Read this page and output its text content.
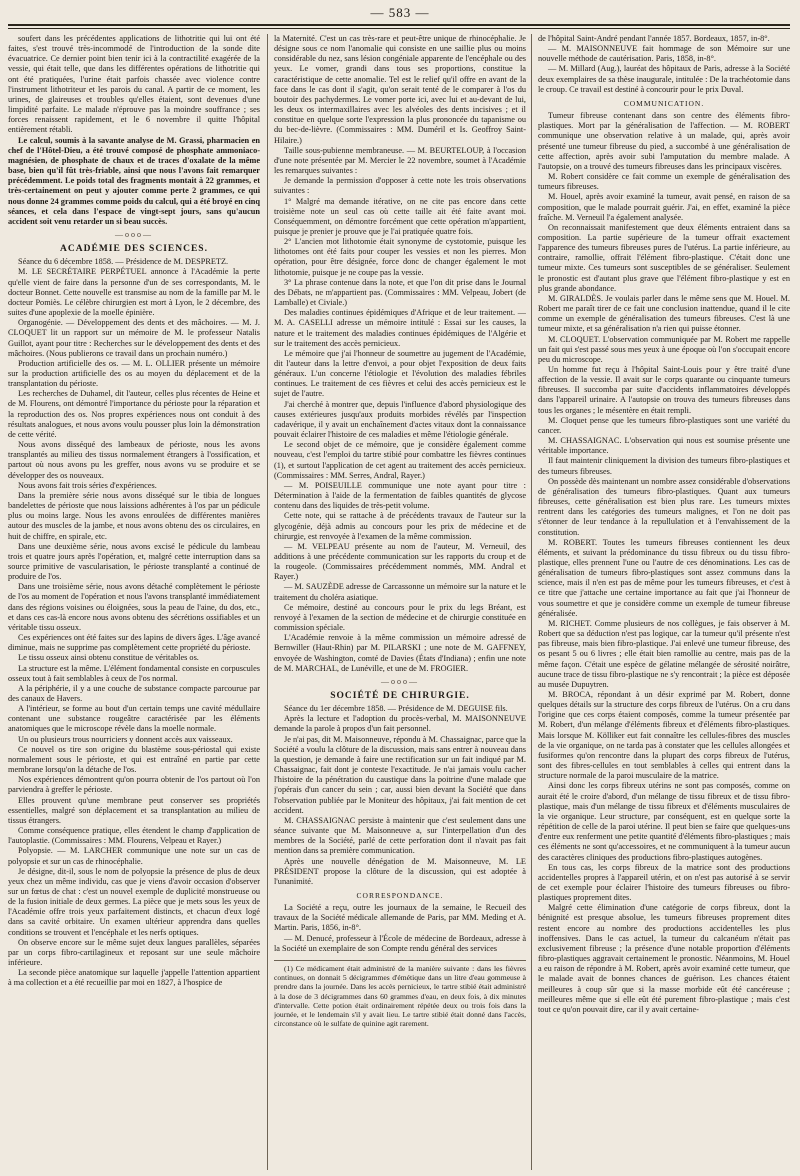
— 583 —

soufert dans les précédentes applications de lithotritie qui lui ont été faites, s'est trouvé très-incommodé de l'introduction de la sonde dite évacuatrice. Ce dernier point bien tenir ici à la contractilité exagérée de la vessie, qui était telle, que dans les différentes opérations de lithotritie qui ont été pratiquées, l'urine était parfois chassée avec violence contre l'instrument lithotriteur et les parois du canal. A partir de ce moment, les urines, de glaireuses et troubles qu'elles étaient, sont devenues d'une limpidité parfaite. Le malade n'éprouve pas la moindre souffrance ; ses forces renaissent rapidement, et le 6 novembre il quitte l'hôpital entièrement rétabli.

Le calcul, soumis à la savante analyse de M. Grassi, pharmacien en chef de l'Hôtel-Dieu, a été trouvé composé de phosphate ammoniaco-magnésien, de phosphate de chaux et de traces d'oxalate de la même base, bien qu'il fût très-friable, ainsi que nous l'avons fait remarquer précédemment. Le poids total des fragments montait à 22 grammes, et très-certainement on peut y ajouter comme perte 2 grammes, ce qui nous donne 24 grammes comme poids du calcul, qui a été broyé en cinq séances, et cela dans l'espace de vingt-sept jours, sans qu'aucun accident soit venu retarder un si beau succès.

—ooo—

ACADÉMIE DES SCIENCES.

Séance du 6 décembre 1858. — Présidence de M. DESPRETZ.

M. LE SECRÉTAIRE PERPÉTUEL annonce à l'Académie la perte qu'elle vient de faire dans la personne d'un de ses correspondants, M. le docteur Bonnet. Cette nouvelle est transmise au nom de la famille par M. le docteur Pomiès. Le célèbre chirurgien est mort à Lyon, le 2 décembre, des suites d'une apoplexie de la moelle épinière.

Organogénie. — Développement des dents et des mâchoires. — M. J. CLOQUET lit un rapport sur un mémoire de M. le professeur Natalis Guillot, ayant pour titre : Recherches sur le développement des dents et des mâchoires. (Nous publierons ce travail dans un prochain numéro.)

Production artificielle des os. — M. L. OLLIER présente un mémoire sur la production artificielle des os au moyen du déplacement et de la transplantation du périoste.

Les recherches de Duhamel, dit l'auteur, celles plus récentes de Heine et de M. Flourens, ont démontré l'importance du périoste pour la réparation et la reproduction des os. Nos propres expériences nous ont conduit à des résultats analogues, et nous avons voulu pousser plus loin la démonstration de cette vérité.

Nous avons disséqué des lambeaux de périoste, nous les avons transplantés au milieu des tissus normalement étrangers à l'ossification, et partout où nous avons pu les greffer, nous avons vu se produire et se développer des os nouveaux.

Nous avons fait trois séries d'expériences.

Dans la première série nous avons disséqué sur le tibia de longues bandelettes de périoste que nous laissions adhérentes à l'os par un pédicule plus ou moins large. Nous les avons enroulées de différentes manières autour des muscles de la jambe, et nous avons obtenu des os circulaires, en huit de chiffre, en spirale, etc.

Dans une deuxième série, nous avons excisé le pédicule du lambeau trois et quatre jours après l'opération, et, malgré cette interruption dans sa source primitive de vascularisation, le périoste transplanté a continué de produire de l'os.

Dans une troisième série, nous avons détaché complètement le périoste de l'os au moment de l'opération et nous l'avons transplanté immédiatement dans des régions voisines ou éloignées, sous la peau de l'aine, du dos, etc., et dans ces cas-là encore nous avons obtenu des sécrétions ossifiables et un véritable tissu osseux.

Ces expériences ont été faites sur des lapins de divers âges. L'âge avancé diminue, mais ne supprime pas complètement cette propriété du périoste.

Le tissu osseux ainsi obtenu constitue de véritables os.

La structure est la même. L'élément fondamental consiste en corpuscules osseux tout à fait semblables à ceux de l'os normal.

A la périphérie, il y a une couche de substance compacte parcourue par des canaux de Havers.

A l'intérieur, se forme au bout d'un certain temps une cavité médullaire contenant une substance rougeâtre caractérisée par les éléments anatomiques que le microscope révèle dans la moelle normale.

Un ou plusieurs trous nourriciers y donnent accès aux vaisseaux.

Ce nouvel os tire son origine du blastème sous-périostal qui existe normalement sous le périoste, et qui est entraîné en partie par cette membrane lorsqu'on la détache de l'os.

Nos expériences démontrent qu'on pourra obtenir de l'os partout où l'on parviendra à greffer le périoste.

Elles prouvent qu'une membrane peut conserver ses propriétés essentielles, malgré son déplacement et sa transplantation au milieu de tissus étrangers.

Comme conséquence pratique, elles étendent le champ d'application de l'autoplastie. (Commissaires : MM. Flourens, Velpeau et Rayer.)

Polyopsie. — M. LARCHER communique une note sur un cas de polyopsie et sur un cas de rhinocéphalie.

Je désigne, dit-il, sous le nom de polyopsie la présence de plus de deux yeux chez un même individu, cas que je viens d'avoir occasion d'observer sur un fœtus de chat : c'est un nouvel exemple de duplicité monstrueuse ou de la fusion initiale de deux germes. La pièce que je mets sous les yeux de l'Académie offre trois yeux parfaitement distincts, et chacun d'eux logé dans sa cavité orbitaire. Un examen ultérieur apprendra dans quelles conditions se trouvent et l'encéphale et les nerfs optiques.

On observe encore sur le même sujet deux langues parallèles, séparées par un corps fibro-cartilagineux et reposant sur une seule mâchoire inférieure.

La seconde pièce anatomique sur laquelle j'appelle l'attention appartient à ma collection et a été recueillie par moi en 1827, à l'hospice de

la Maternité. C'est un cas très-rare et peut-être unique de rhinocéphalie. Je désigne sous ce nom l'anomalie qui consiste en une saillie plus ou moins considérable du nez, sans lésion congéniale apparente de l'encéphale ou des yeux. Le vomer, grandi dans tous ses proportions, constitue la caractéristique de cette anomalie. Tel est le relief qu'il offre en avant de la face dans le cas dont il s'agit, qu'on serait tenté de le comparer à l'os du boutoir des pachydermes. Le vomer porte ici, avec lui et au-devant de lui, les deux os intermaxillaires avec les alvéoles des dents incisives ; et il constitue en quelque sorte l'expression la plus prononcée du tapanisme ou du bec-de-lièvre. (Commissaires : MM. Duméril et Is. Geoffroy Saint-Hilaire.)

Taille sous-pubienne membraneuse. — M. BEURTELOUP, à l'occasion d'une note présentée par M. Mercier le 22 novembre, soumet à l'Académie les remarques suivantes :

Je demande la permission d'opposer à cette note les trois observations suivantes :

1° Malgré ma demande itérative, on ne cite pas encore dans cette troisième note un seul cas où cette taille ait été faite avant moi. Conséquemment, on démontre forcément que cette opération m'appartient, puisque je prenier je prouve que je l'ai pratiquée quatre fois.

2° L'ancien mot lithotomie était synonyme de cystotomie, puisque les lithotomes ont été faits pour couper les vessies et non les pierres. Mon opération, pour être désignée, force donc de changer également le mot lithotomie, puisque je ne coupe pas la vessie.

3° La phrase contenue dans la note, et que l'on dit prise dans le Journal des Débats, ne m'appartient pas. (Commissaires : MM. Velpeau, Jobert (de Lamballe) et Civiale.)

Des maladies continues épidémiques d'Afrique et de leur traitement. — M. A. CASELLI adresse un mémoire intitulé : Essai sur les causes, la nature et le traitement des maladies continues épidémiques de l'Algérie et sur le traitement des accès pernicieux.

Le mémoire que j'ai l'honneur de soumettre au jugement de l'Académie, dit l'auteur dans la lettre d'envoi, a pour objet l'exposition de deux faits généraux. L'un concerne l'étiologie et l'évolution des maladies fébriles continues. Le traitement de ces fièvres et celui des accès pernicieux est le sujet de l'autre.

J'ai cherché à montrer que, depuis l'influence d'abord physiologique des causes extérieures jusqu'aux produits morbides révélés par l'inspection cadavérique, il y avait un enchaînement d'actes vitaux dont la connaissance pouvait éclairer l'histoire de ces maladies et même l'étiologie générale.

Le second objet de ce mémoire, que je considère également comme nouveau, c'est l'emploi du tartre stibié pour combattre les fièvres continues (1), et surtout l'application de cet agent au traitement des accès pernicieux. (Commissaires : MM. Serres, Andral, Rayer.)

— M. POISEUILLE communique une note ayant pour titre : Détermination à l'aide de la fermentation de faibles quantités de glycose contenu dans des liquides de très-petit volume.

Cette note, qui se rattache à de précédents travaux de l'auteur sur la glycogénie, déjà admis au concours pour les prix de médecine et de chirurgie, est renvoyée à l'examen de la même commission.

— M. VELPEAU présente au nom de l'auteur, M. Verneuil, des additions à une précédente communication sur les rapports du croup et de la rougeole. (Commissaires précédemment nommés, MM. Andral et Rayer.)

— M. SAUZÈDE adresse de Carcassonne un mémoire sur la nature et le traitement du choléra asiatique.

Ce mémoire, destiné au concours pour le prix du legs Bréant, est renvoyé à l'examen de la section de médecine et de chirurgie constituée en commission spéciale.

L'Académie renvoie à la même commission un mémoire adressé de Bernwiller (Haut-Rhin) par M. PILARSKI ; une note de M. GAFFNEY, envoyée de Washington, comté de Davies (États d'Indiana) ; enfin une note de M. MARCHAL, de Lunéville, et une de M. FROGIER.

—ooo—

SOCIÉTÉ DE CHIRURGIE.

Séance du 1er décembre 1858. — Présidence de M. DEGUISE fils.

Après la lecture et l'adoption du procès-verbal, M. MAISONNEUVE demande la parole à propos d'un fait personnel.

Je n'ai pas, dit M. Maisonneuve, répondu à M. Chassaignac, parce que la Société a voulu la clôture de la discussion, mais sans entrer à nouveau dans la question, je demande à faire une rectification sur un fait indiqué par M. Chassaignac, fait dont je conteste l'exactitude. Je n'ai jamais voulu cacher l'histoire de la pénétration du caustique dans la poitrine d'une malade que j'opérais d'un cancer du sein ; car, aussi bien devant la Société que dans l'observation publiée par le Moniteur des hôpitaux, j'ai fait mention de cet accident.

M. CHASSAIGNAC persiste à maintenir que c'est seulement dans une séance suivante que M. Maisonneuve a, sur l'interpellation d'un des membres de la Société, parlé de cette perforation dont il n'avait pas fait mention dans sa première communication.

Après une nouvelle dénégation de M. Maisonneuve, M. LE PRÉSIDENT propose la clôture de la discussion, qui est adoptée à l'unanimité.

CORRESPONDANCE.

La Société a reçu, outre les journaux de la semaine, le Recueil des travaux de la Société médicale allemande de Paris, par MM. Meding et A. Martin. Paris, 1856, in-8°.

— M. Denucé, professeur à l'École de médecine de Bordeaux, adresse à la Société un exemplaire de son Compte rendu général des services

(1) Ce médicament était administré de la manière suivante : dans les fièvres continues, on donnait 5 décigrammes d'émétique dans un litre d'eau gommeuse à prendre dans la journée. Dans les accès pernicieux, le tartre stibié était administré à la dose de 3 décigrammes dans 60 grammes d'eau, en deux fois, à dix minutes d'intervalle. Cette potion était ordinairement répétée deux ou trois fois dans la journée, et le lendemain s'il y avait lieu. Le tartre stibié était donné dans l'accès, circonstance où le sulfate de quinine agit rarement.

de l'hôpital Saint-André pendant l'année 1857. Bordeaux, 1857, in-8°.

— M. MAISONNEUVE fait hommage de son Mémoire sur une nouvelle méthode de cautérisation. Paris, 1858, in-8°.

— M. Millard (Aug.), lauréat des hôpitaux de Paris, adresse à la Société deux exemplaires de sa thèse inaugurale, intitulée : De la trachéotomie dans le croup. Ce travail est destiné à concourir pour le prix Duval.

COMMUNICATION.

Tumeur fibreuse contenant dans son centre des éléments fibro-plastiques. Mort par la généralisation de l'affection. — M. ROBERT communique une observation relative à un malade, qui, après avoir présenté une tumeur fibreuse du pied, a succombé à une généralisation de cette affection, après avoir subi l'amputation du membre malade. A l'autopsie, on a trouvé des tumeurs fibreuses dans les principaux viscères.

M. Robert considère ce fait comme un exemple de généralisation des tumeurs fibreuses.

M. Houel, après avoir examiné la tumeur, avait pensé, en raison de sa composition, que le malade pourrait guérir. J'ai, en effet, examiné la pièce fraîche. M. Verneuil l'a également analysée.

On reconnaissait manifestement que deux éléments entraient dans sa composition. La partie supérieure de la tumeur offrait exactement l'apparence des tumeurs fibreuses pures de l'utérus. La partie inférieure, au contraire, ramollie, offrait l'élément fibro-plastique. C'était donc une tumeur mixte. Ces tumeurs sont susceptibles de se généraliser. Seulement le pronostic est d'autant plus grave que l'élément fibro-plastique y est en plus grande abondance.

M. GIRALDÈS. Je voulais parler dans le même sens que M. Houel. M. Robert me paraît tirer de ce fait une conclusion inattendue, quand il le cite comme un exemple de généralisation des tumeurs fibreuses. C'est là une tumeur mixte, et sa généralisation n'a rien qui puisse étonner.

M. CLOQUET. L'observation communiquée par M. Robert me rappelle un fait qui s'est passé sous mes yeux à une époque où l'on s'occupait encore peu du microscope.

Un homme fut reçu à l'hôpital Saint-Louis pour y être traité d'une affection de la vessie. Il avait sur le corps quarante ou cinquante tumeurs fibreuses. Il succomba par suite d'accidents inflammatoires développés dans l'appareil urinaire. A l'autopsie on trouva des tumeurs fibreuses dans tous les organes ; le mésentère en était rempli.

M. Cloquet pense que les tumeurs fibro-plastiques sont une variété du cancer.

M. CHASSAIGNAC. L'observation qui nous est soumise présente une véritable importance.

Il faut maintenir cliniquement la division des tumeurs fibro-plastiques et des tumeurs fibreuses.

On possède dès maintenant un nombre assez considérable d'observations de généralisation des tumeurs fibro-plastiques. Quant aux tumeurs fibreuses, cette généralisation est bien plus rare. Les tumeurs mixtes rentrent dans les catégories des tumeurs malignes, et l'on ne doit pas s'étonner de leur tendance à la repullulation et à l'envahissement de la constitution.

M. ROBERT. Toutes les tumeurs fibreuses contiennent les deux éléments, et suivant la prédominance du tissu fibreux ou du tissu fibro-plastique, elles prennent l'une ou l'autre de ces dénominations. Les cas de généralisation de tumeurs fibro-plastiques sont assez communs dans la science, mais il n'en est pas de même pour les tumeurs fibreuses, et c'est à ce titre que j'attache une certaine importance au fait que j'ai l'honneur de vous soumettre et que je considère comme un exemple de tumeur fibreuse généralisée.

M. RICHET. Comme plusieurs de nos collègues, je fais observer à M. Robert que sa déduction n'est pas logique, car la tumeur qu'il présente n'est pas fibreuse, mais bien fibro-plastique. J'ai enlevé une tumeur fibreuse, des os pesant 5 ou 6 livres ; elle était bien ramollie au centre, mais pas de la même façon. C'était une espèce de gélatine mélangée de sérosité noirâtre, aucune trace de tissu fibro-plastique ne s'y rencontrait ; la pièce est déposée au musée Dupuytren.

M. BROCA, répondant à un désir exprimé par M. Robert, donne quelques détails sur la structure des corps fibreux de l'utérus. On a cru dans l'origine que ces corps étaient composés, comme la tumeur présentée par M. Robert, d'un mélange d'éléments fibreux et d'éléments fibro-plastiques. Mais lorsque M. Kölliker eut fait connaître les cellules-fibres des muscles de la vie organique, on ne tarda pas à constater que les cellules allongées et fusiformes qu'on rencontre dans la plupart des corps fibreux de l'utérus, sont des fibres-cellules en tout semblables à celles qui entrent dans la structure normale de la paroi musculaire de la matrice.

Ainsi donc les corps fibreux utérins ne sont pas composés, comme on aurait été le croire d'abord, d'un mélange de tissu fibreux et de tissu fibro-plastique, mais d'un mélange de tissu fibreux et d'éléments musculaires de la vie organique. Leur structure, par conséquent, est en quelque sorte la répétition de celle de la paroi utérine. Il peut bien se faire que quelques-uns d'entre eux renferment une petite quantité d'éléments fibro-plastiques ; mais ces éléments ne sont qu'accessoires, et ne communiquent à la tumeur aucun des caractères cliniques des productions fibro-plastiques autogènes.

En tous cas, les corps fibreux de la matrice sont des productions accidentelles propres à l'appareil utérin, et on n'est pas autorisé à se servir de cet exemple pour éclairer l'histoire des tumeurs fibreuses ou fibro-plastiques proprement dites.

Malgré cette élimination d'une catégorie de corps fibreux, dont la bénignité est presque absolue, les tumeurs fibreuses proprement dites restent encore au nombre des productions accidentelles les plus inoffensives. Dans le cas actuel, la tumeur du calcanéum n'était pas exclusivement fibreuse ; la présence d'une notable proportion d'éléments fibro-plastiques aggravait certainement le pronostic. Néanmoins, M. Houel a eu raison de répondre à M. Robert, après avoir examiné cette tumeur, que le malade avait de bonnes chances de guérison. Les chances étaient meilleures à coup sûr que si la masse morbide eût été cancéreuse ; meilleures même que si elle eût été purement fibro-plastique ; mais c'est tout ce qu'on pouvait dire, car il y avait certaine-
